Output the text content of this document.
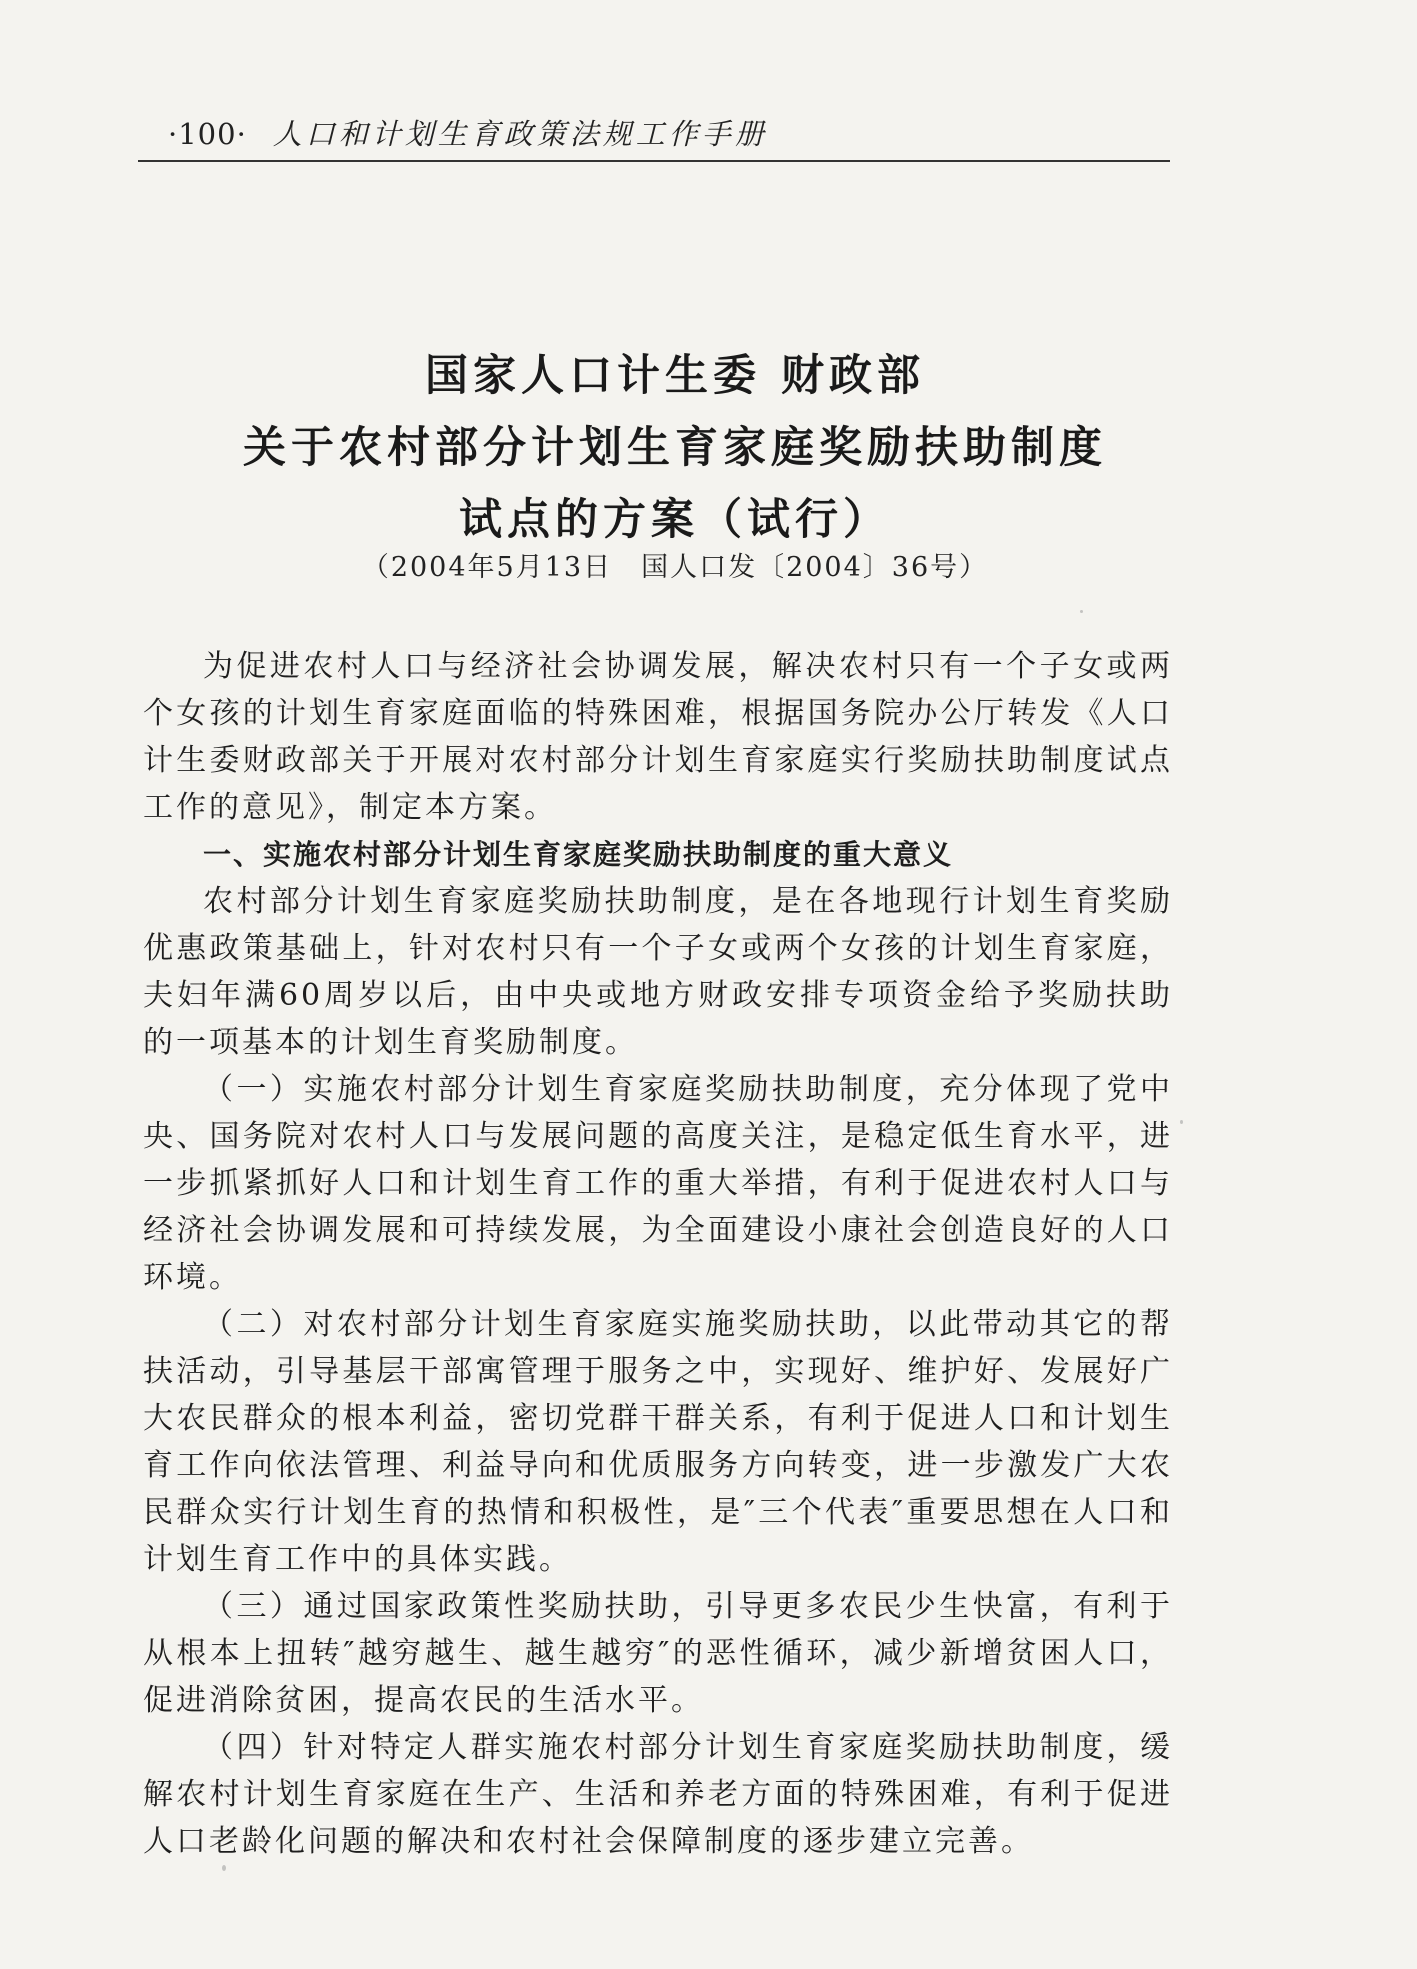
·100· 人口和计划生育政策法规工作手册
国家人口计生委 财政部
关于农村部分计划生育家庭奖励扶助制度
试点的方案（试行）
（2004年5月13日　国人口发〔2004〕36号）

为促进农村人口与经济社会协调发展，解决农村只有一个子女或两个女孩的计划生育家庭面临的特殊困难，根据国务院办公厅转发《人口计生委财政部关于开展对农村部分计划生育家庭实行奖励扶助制度试点工作的意见》，制定本方案。

一、实施农村部分计划生育家庭奖励扶助制度的重大意义

农村部分计划生育家庭奖励扶助制度，是在各地现行计划生育奖励优惠政策基础上，针对农村只有一个子女或两个女孩的计划生育家庭，夫妇年满60周岁以后，由中央或地方财政安排专项资金给予奖励扶助的一项基本的计划生育奖励制度。

（一）实施农村部分计划生育家庭奖励扶助制度，充分体现了党中央、国务院对农村人口与发展问题的高度关注，是稳定低生育水平，进一步抓紧抓好人口和计划生育工作的重大举措，有利于促进农村人口与经济社会协调发展和可持续发展，为全面建设小康社会创造良好的人口环境。

（二）对农村部分计划生育家庭实施奖励扶助，以此带动其它的帮扶活动，引导基层干部寓管理于服务之中，实现好、维护好、发展好广大农民群众的根本利益，密切党群干群关系，有利于促进人口和计划生育工作向依法管理、利益导向和优质服务方向转变，进一步激发广大农民群众实行计划生育的热情和积极性，是″三个代表″重要思想在人口和计划生育工作中的具体实践。

（三）通过国家政策性奖励扶助，引导更多农民少生快富，有利于从根本上扭转″越穷越生、越生越穷″的恶性循环，减少新增贫困人口，促进消除贫困，提高农民的生活水平。

（四）针对特定人群实施农村部分计划生育家庭奖励扶助制度，缓解农村计划生育家庭在生产、生活和养老方面的特殊困难，有利于促进人口老龄化问题的解决和农村社会保障制度的逐步建立完善。
